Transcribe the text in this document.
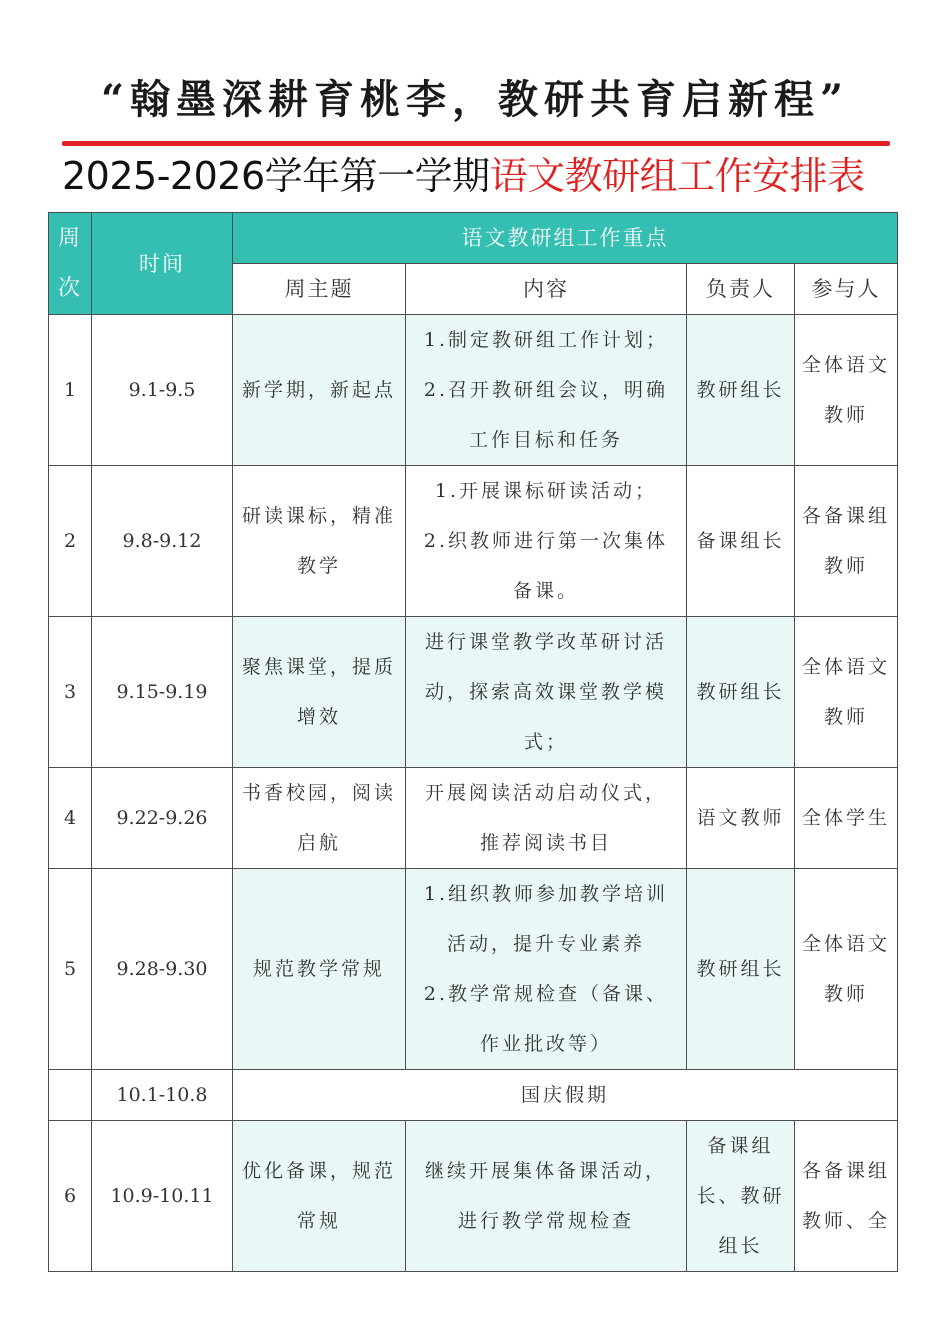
“翰墨深耕育桃李，教研共育启新程”
2025-2026学年第一学期语文教研组工作安排表
周次	时间	语文教研组工作重点			
		周主题	内容	负责人	参与人
1	9.1-9.5	新学期，新起点	1.制定教研组工作计划；
2.召开教研组会议，明确
工作目标和任务	教研组长	全体语文教师
2	9.8-9.12	研读课标，精准教学	1.开展课标研读活动；
2.织教师进行第一次集体
备课。	备课组长	各备课组教师
3	9.15-9.19	聚焦课堂，提质增效	进行课堂教学改革研讨活
动，探索高效课堂教学模
式；	教研组长	全体语文教师
4	9.22-9.26	书香校园，阅读启航	开展阅读活动启动仪式，
推荐阅读书目	语文教师	全体学生
5	9.28-9.30	规范教学常规	1.组织教师参加教学培训
活动，提升专业素养
2.教学常规检查（备课、
作业批改等）	教研组长	全体语文教师
	10.1-10.8	国庆假期			
6	10.9-10.11	优化备课，规范常规	继续开展集体备课活动，
进行教学常规检查	备课组长、教研组长	各备课组教师、全
